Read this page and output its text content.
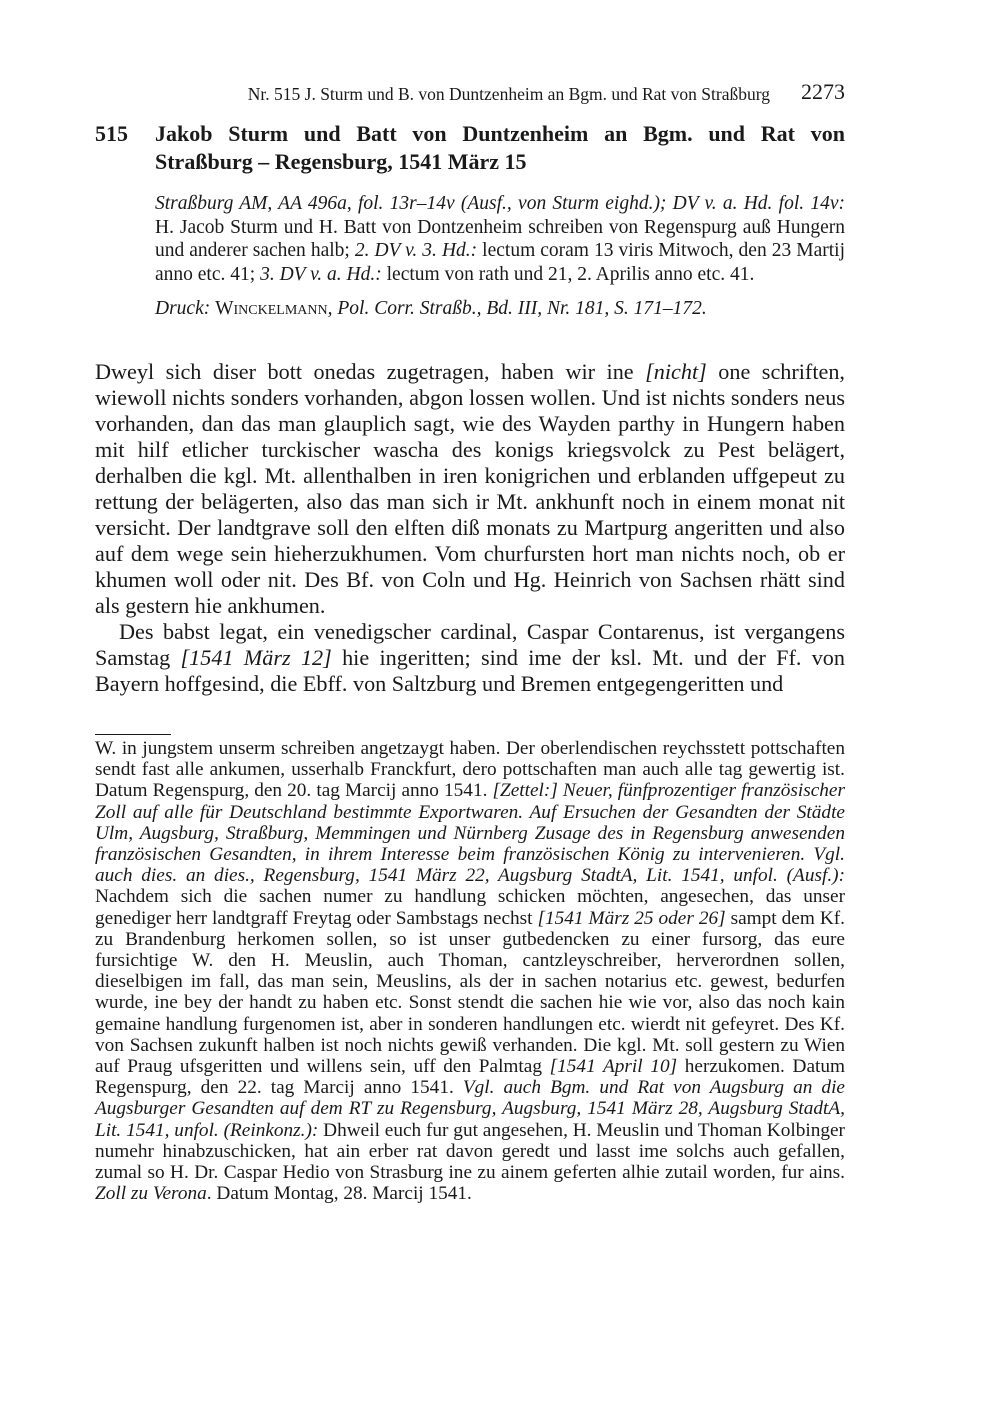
Nr. 515 J. Sturm und B. von Duntzenheim an Bgm. und Rat von Straßburg 2273
515 Jakob Sturm und Batt von Duntzenheim an Bgm. und Rat von Straßburg – Regensburg, 1541 März 15
Straßburg AM, AA 496a, fol. 13r–14v (Ausf., von Sturm eighd.); DV v. a. Hd. fol. 14v: H. Jacob Sturm und H. Batt von Dontzenheim schreiben von Regenspurg auß Hungern und anderer sachen halb; 2. DV v. 3. Hd.: lectum coram 13 viris Mitwoch, den 23 Martij anno etc. 41; 3. DV v. a. Hd.: lectum von rath und 21, 2. Aprilis anno etc. 41.
Druck: Winckelmann, Pol. Corr. Straßb., Bd. III, Nr. 181, S. 171–172.

Dweyl sich diser bott onedas zugetragen, haben wir ine [nicht] one schriften, wiewoll nichts sonders vorhanden, abgon lossen wollen. Und ist nichts sonders neus vorhanden, dan das man glauplich sagt, wie des Wayden parthy in Hungern haben mit hilf etlicher turckischer wascha des konigs kriegsvolck zu Pest belägert, derhalben die kgl. Mt. allenthalben in iren konigrichen und erblanden uffgepeut zu rettung der belägerten, also das man sich ir Mt. ankhunft noch in einem monat nit versicht. Der landtgrave soll den elften diß monats zu Martpurg angeritten und also auf dem wege sein hieherzukhumen. Vom churfursten hort man nichts noch, ob er khumen woll oder nit. Des Bf. von Coln und Hg. Heinrich von Sachsen rhätt sind als gestern hie ankhumen.

Des babst legat, ein venedigscher cardinal, Caspar Contarenus, ist vergangens Samstag [1541 März 12] hie ingeritten; sind ime der ksl. Mt. und der Ff. von Bayern hoffgesind, die Ebff. von Saltzburg und Bremen entgegengeritten und

W. in jungstem unserm schreiben angetzaygt haben. Der oberlendischen reychsstett pottschaften sendt fast alle ankumen, usserhalb Franckfurt, dero pottschaften man auch alle tag gewertig ist. Datum Regenspurg, den 20. tag Marcij anno 1541. [Zettel:] Neuer, fünfprozentiger französischer Zoll auf alle für Deutschland bestimmte Exportwaren. Auf Ersuchen der Gesandten der Städte Ulm, Augsburg, Straßburg, Memmingen und Nürnberg Zusage des in Regensburg anwesenden französischen Gesandten, in ihrem Interesse beim französischen König zu intervenieren. Vgl. auch dies. an dies., Regensburg, 1541 März 22, Augsburg StadtA, Lit. 1541, unfol. (Ausf.): Nachdem sich die sachen numer zu handlung schicken möchten, angesechen, das unser genediger herr landtgraff Freytag oder Sambstags nechst [1541 März 25 oder 26] sampt dem Kf. zu Brandenburg herkomen sollen, so ist unser gutbedencken zu einer fursorg, das eure fursichtige W. den H. Meuslin, auch Thoman, cantzleyschreiber, herverordnen sollen, dieselbigen im fall, das man sein, Meuslins, als der in sachen notarius etc. gewest, bedurfen wurde, ine bey der handt zu haben etc. Sonst stendt die sachen hie wie vor, also das noch kain gemaine handlung furgenomen ist, aber in sonderen handlungen etc. wierdt nit gefeyret. Des Kf. von Sachsen zukunft halben ist noch nichts gewiß verhanden. Die kgl. Mt. soll gestern zu Wien auf Praug ufsgeritten und willens sein, uff den Palmtag [1541 April 10] herzukomen. Datum Regenspurg, den 22. tag Marcij anno 1541. Vgl. auch Bgm. und Rat von Augsburg an die Augsburger Gesandten auf dem RT zu Regensburg, Augsburg, 1541 März 28, Augsburg StadtA, Lit. 1541, unfol. (Reinkonz.): Dhweil euch fur gut angesehen, H. Meuslin und Thoman Kolbinger numehr hinabzuschicken, hat ain erber rat davon geredt und lasst ime solchs auch gefallen, zumal so H. Dr. Caspar Hedio von Strasburg ine zu ainem geferten alhie zutail worden, fur ains. Zoll zu Verona. Datum Montag, 28. Marcij 1541.
